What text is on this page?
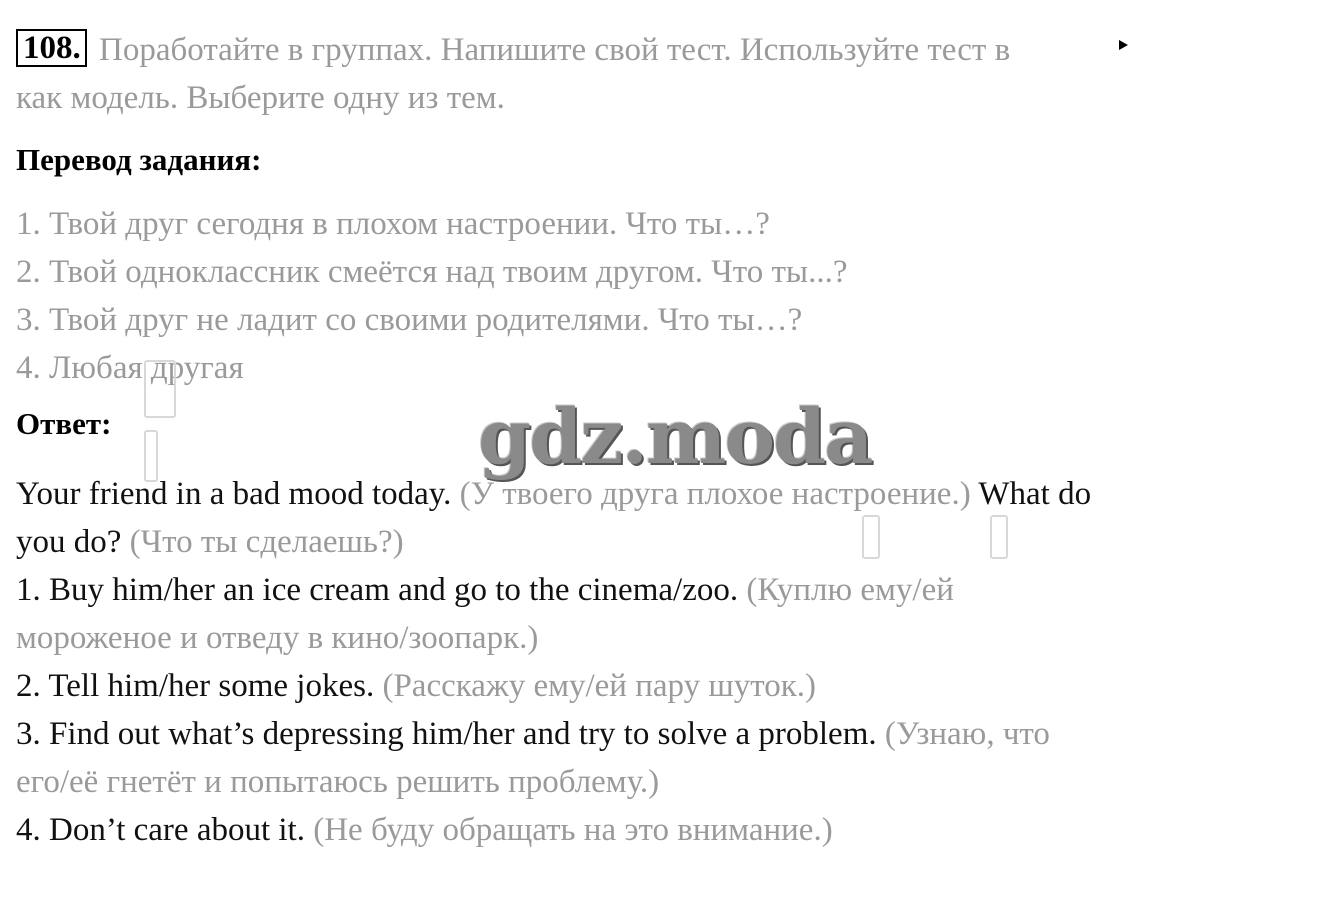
108. Поработайте в группах. Напишите свой тест. Используйте тест в
как модель. Выберите одну из тем.
Перевод задания:
1. Твой друг сегодня в плохом настроении. Что ты…?
2. Твой одноклассник смеётся над твоим другом. Что ты...?
3. Твой друг не ладит со своими родителями. Что ты…?
4. Любая другая
Ответ:
Your friend in a bad mood today. (У твоего друга плохое настроение.) What do
you do? (Что ты сделаешь?)
1. Buy him/her an ice cream and go to the cinema/zoo. (Куплю ему/ей
мороженое и отведу в кино/зоопарк.)
2. Tell him/her some jokes. (Расскажу ему/ей пару шуток.)
3. Find out what’s depressing him/her and try to solve a problem. (Узнаю, что
его/её гнетёт и попытаюсь решить проблему.)
4. Don’t care about it. (Не буду обращать на это внимание.)
gdz.moda
